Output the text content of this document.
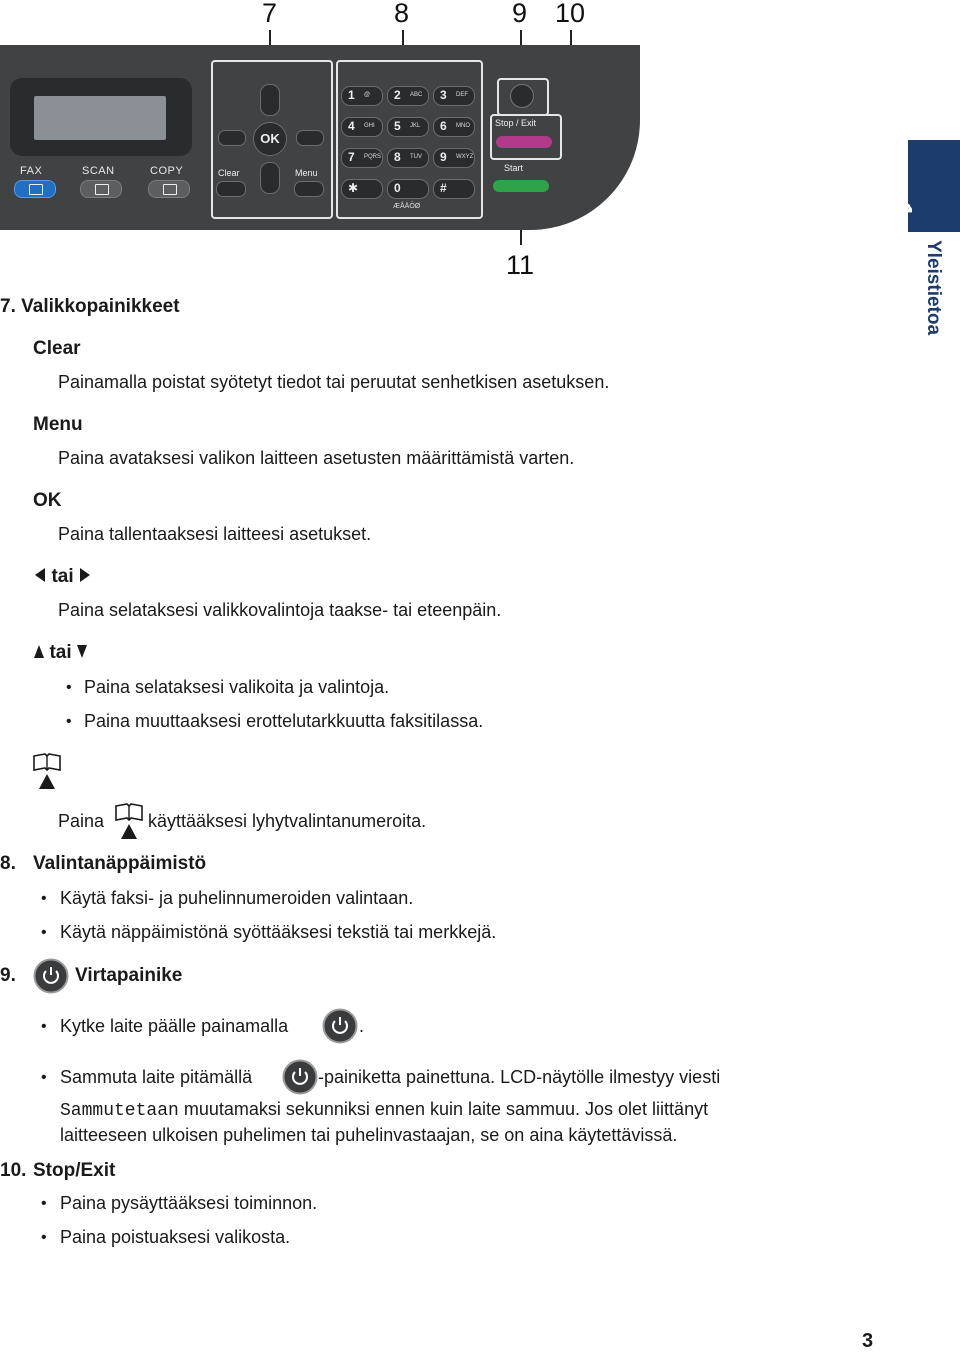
7	8	9 10
11
FAX	SCAN	COPY
OK
Clear	Menu
1 @ 2 ABC 3 DEF
4 GHI 5 JKL 6 MNO
7 PQRS 8 TUV 9 WXYZ
✱	0	#
ÆÅÄÖØ
Stop / Exit
Start
1
Yleistietoa
7. Valikkopainikkeet
Clear
Painamalla poistat syötetyt tiedot tai peruutat senhetkisen asetuksen.
Menu
Paina avataksesi valikon laitteen asetusten määrittämistä varten.
OK
Paina tallentaaksesi laitteesi asetukset.
tai
Paina selataksesi valikkovalintoja taakse- tai eteenpäin.
tai
• Paina selataksesi valikoita ja valintoja.
• Paina muuttaaksesi erottelutarkkuutta faksitilassa.
Paina käyttääksesi lyhytvalintanumeroita.
8. Valintanäppäimistö
• Käytä faksi- ja puhelinnumeroiden valintaan.
• Käytä näppäimistönä syöttääksesi tekstiä tai merkkejä.
9.	Virtapainike
• Kytke laite päälle painamalla	.
• Sammuta laite pitämällä	-painiketta painettuna. LCD-näytölle ilmestyy viesti
Sammutetaan muutamaksi sekunniksi ennen kuin laite sammuu. Jos olet liittänyt
laitteeseen ulkoisen puhelimen tai puhelinvastaajan, se on aina käytettävissä.
10. Stop/Exit
• Paina pysäyttääksesi toiminnon.
• Paina poistuaksesi valikosta.
3
